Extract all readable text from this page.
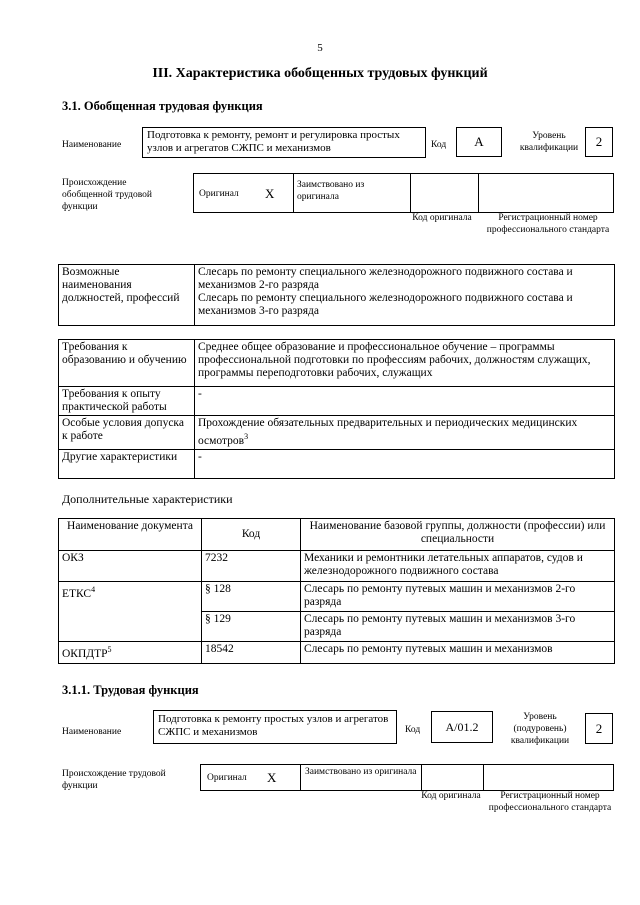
5
III. Характеристика обобщенных трудовых функций
3.1. Обобщенная трудовая функция
Наименование
Подготовка к ремонту, ремонт и регулировка простых узлов и агрегатов СЖПС и механизмов	Код	А	Уровень квалификации	2
Происхождение обобщенной трудовой функции
Оригинал X
Заимствовано из оригинала
Код оригинала	Регистрационный номер профессионального стандарта
Возможные наименования должностей, профессий	
Слесарь по ремонту специального железнодорожного подвижного состава и механизмов 2-го разряда
Слесарь по ремонту специального железнодорожного подвижного состава и механизмов 3-го разряда
Требования к образованию и обучению	Среднее общее образование и профессиональное обучение – программы профессиональной подготовки по профессиям рабочих, должностям служащих, программы переподготовки рабочих, служащих
Требования к опыту практической работы	-
Особые условия допуска к работе	Прохождение обязательных предварительных и периодических медицинских осмотров$^3$
Другие характеристики	-
Дополнительные характеристики
Наименование документа	Код	Наименование базовой группы, должности (профессии) или специальности
ОКЗ	7232	Механики и ремонтники летательных аппаратов, судов и железнодорожного подвижного состава
ЕТКС$^4$	§ 128	Слесарь по ремонту путевых машин и механизмов 2-го разряда
	§ 129	Слесарь по ремонту путевых машин и механизмов 3-го разряда
ОКПДТР$^5$	18542	Слесарь по ремонту путевых машин и механизмов
3.1.1. Трудовая функция
Наименование
Подготовка к ремонту простых узлов и агрегатов СЖПС и механизмов	Код	А/01.2
Уровень (подуровень) квалификации
2
Происхождение трудовой функции
Оригинал X	Заимствовано из оригинала
Код оригинала	Регистрационный номер профессионального стандарта
